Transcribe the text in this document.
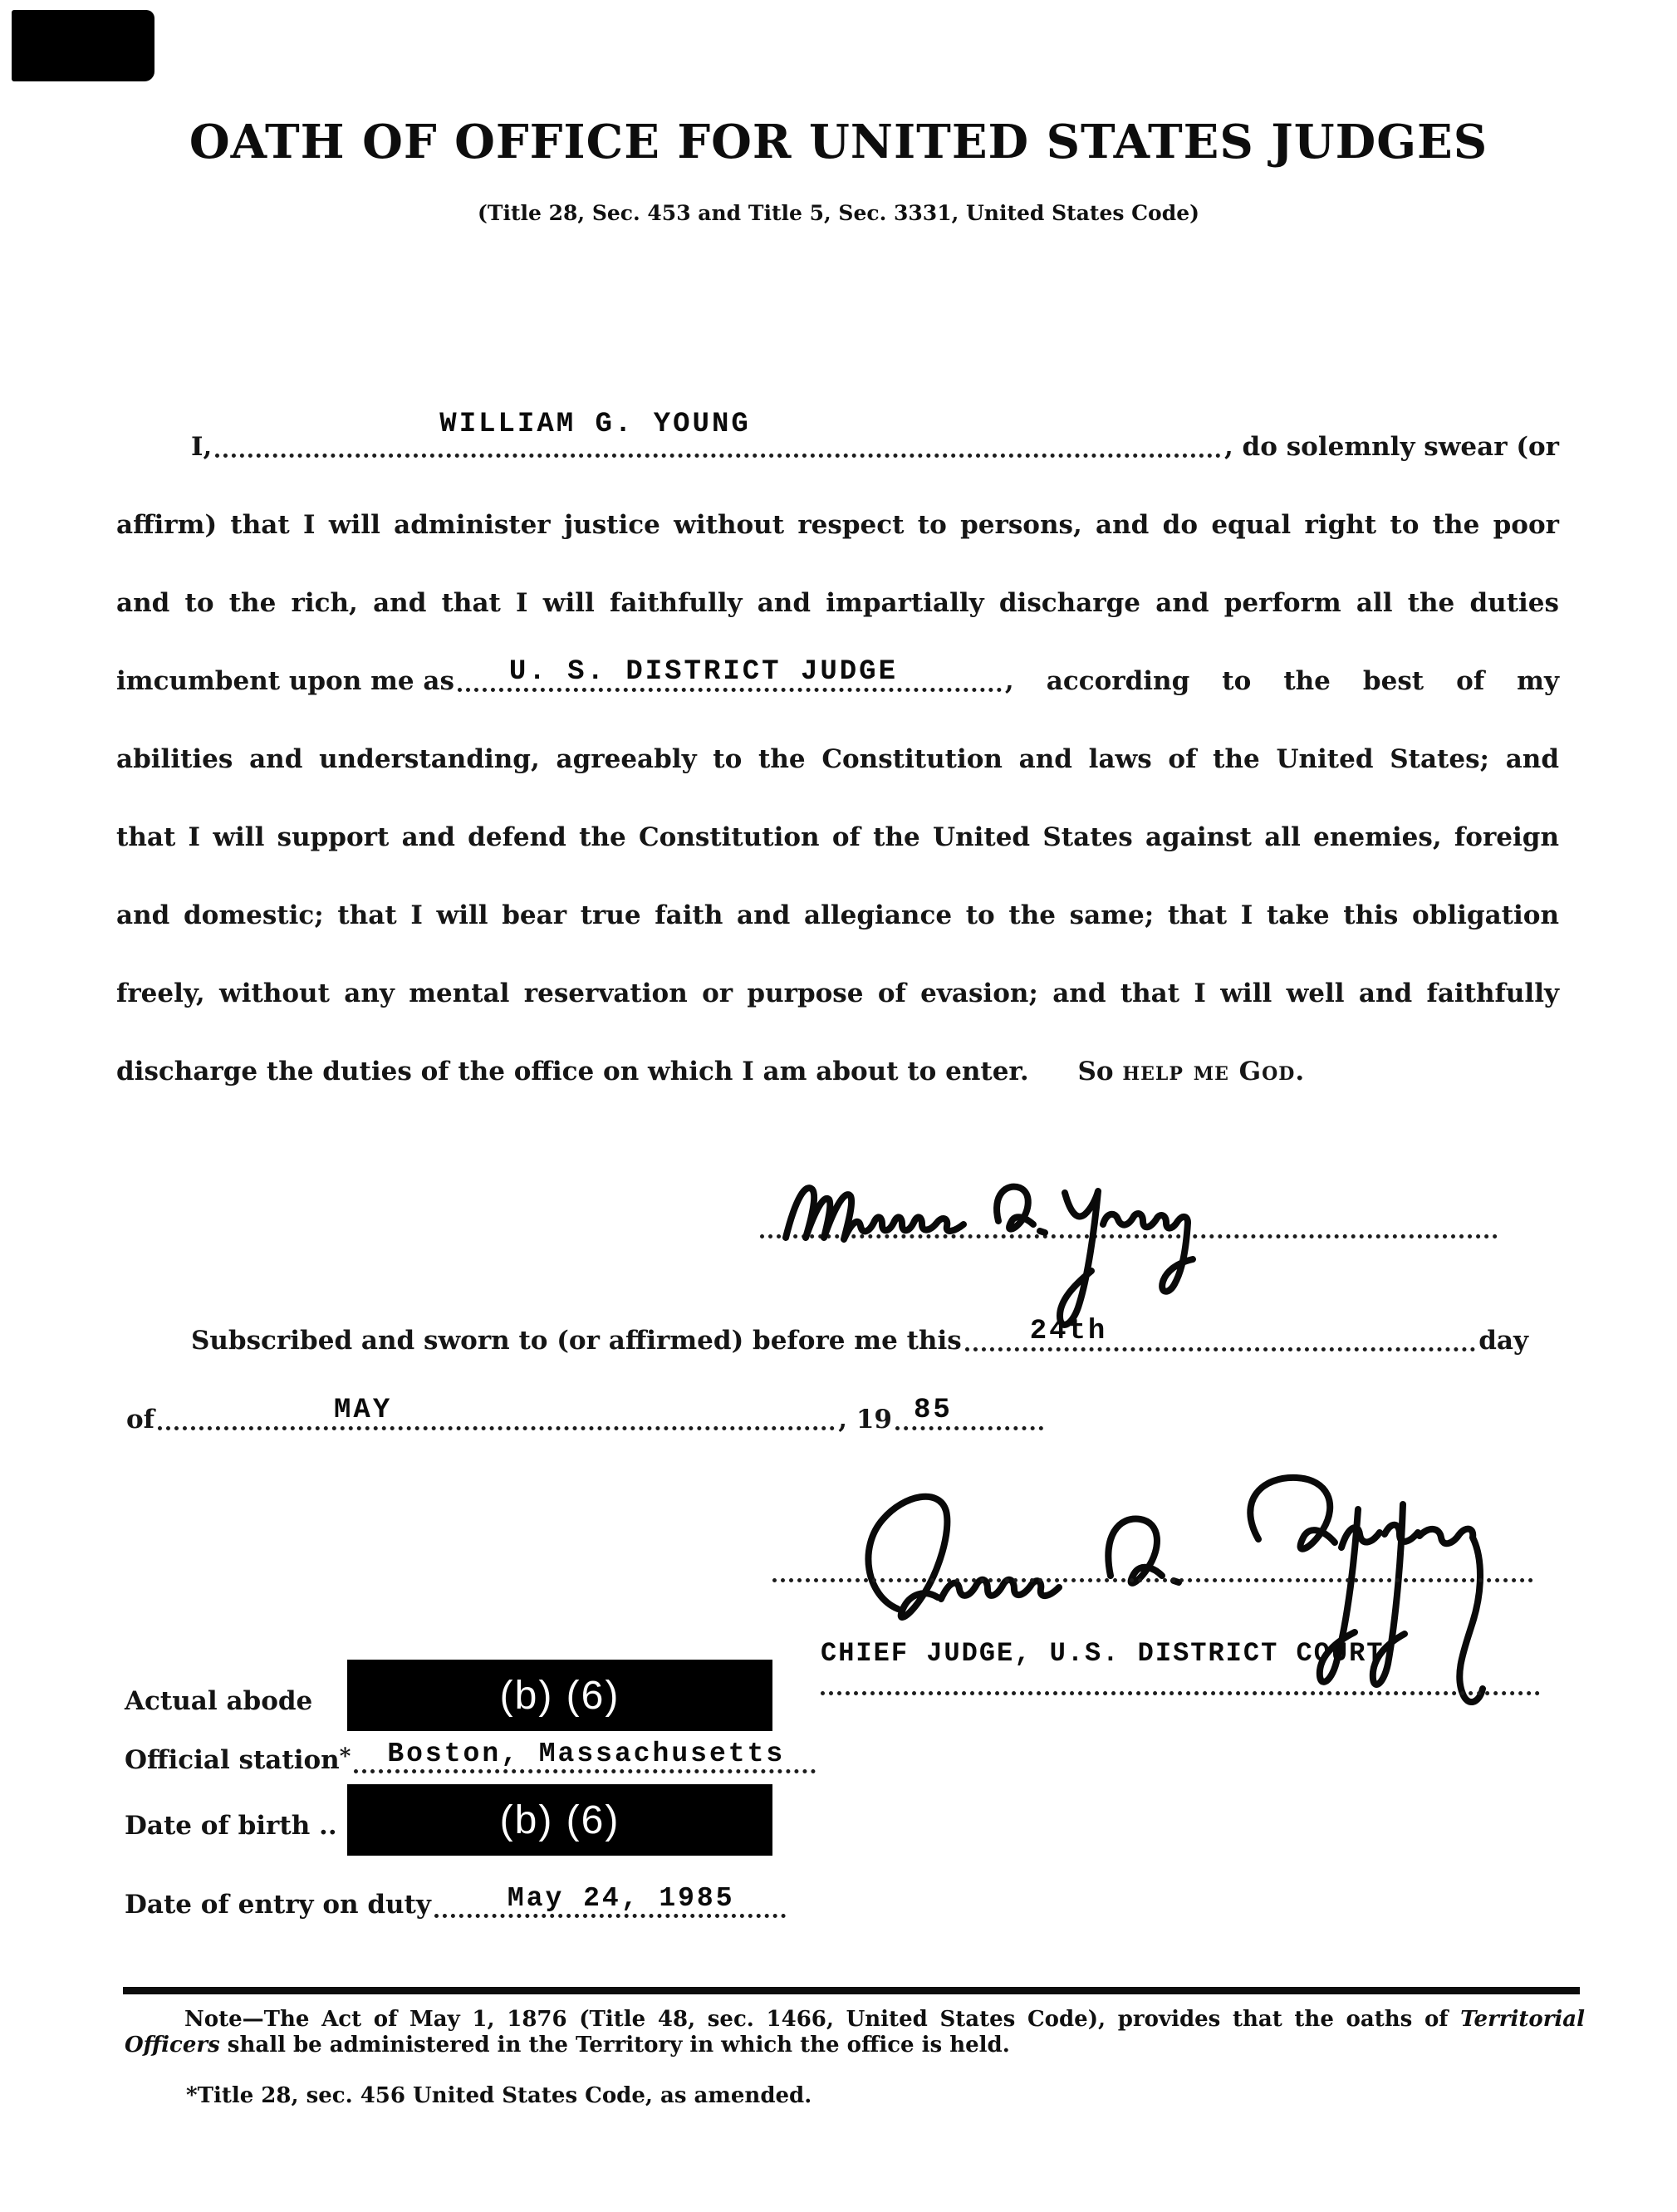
OATH OF OFFICE FOR UNITED STATES JUDGES
(Title 28, Sec. 453 and Title 5, Sec. 3331, United States Code)
I,
WILLIAM G. YOUNG
, do solemnly swear (or
affirm) that I will administer justice without respect to persons, and do equal right to the poor
and to the rich, and that I will faithfully and impartially discharge and perform all the duties
imcumbent upon me as U. S. DISTRICT JUDGE	, according to the best of my
abilities and understanding, agreeably to the Constitution and laws of the United States; and
that I will support and defend the Constitution of the United States against all enemies, foreign
and domestic; that I will bear true faith and allegiance to the same; that I take this obligation
freely, without any mental reservation or purpose of evasion; and that I will well and faithfully
discharge the duties of the office on which I am about to enter. So help me God.
Subscribed and sworn to (or affirmed) before me this 24th	day
of	MAY	, 19 85
CHIEF JUDGE, U.S. DISTRICT COURT
Actual abode	(b) (6)
Official station* Boston, Massachusetts
Date of birth ..	(b) (6)
Date of entry on duty	May 24, 1985
Note—The Act of May 1, 1876 (Title 48, sec. 1466, United States Code), provides that the oaths of Territorial Officers shall be administered in the Territory in which the office is held.
*Title 28, sec. 456 United States Code, as amended.
